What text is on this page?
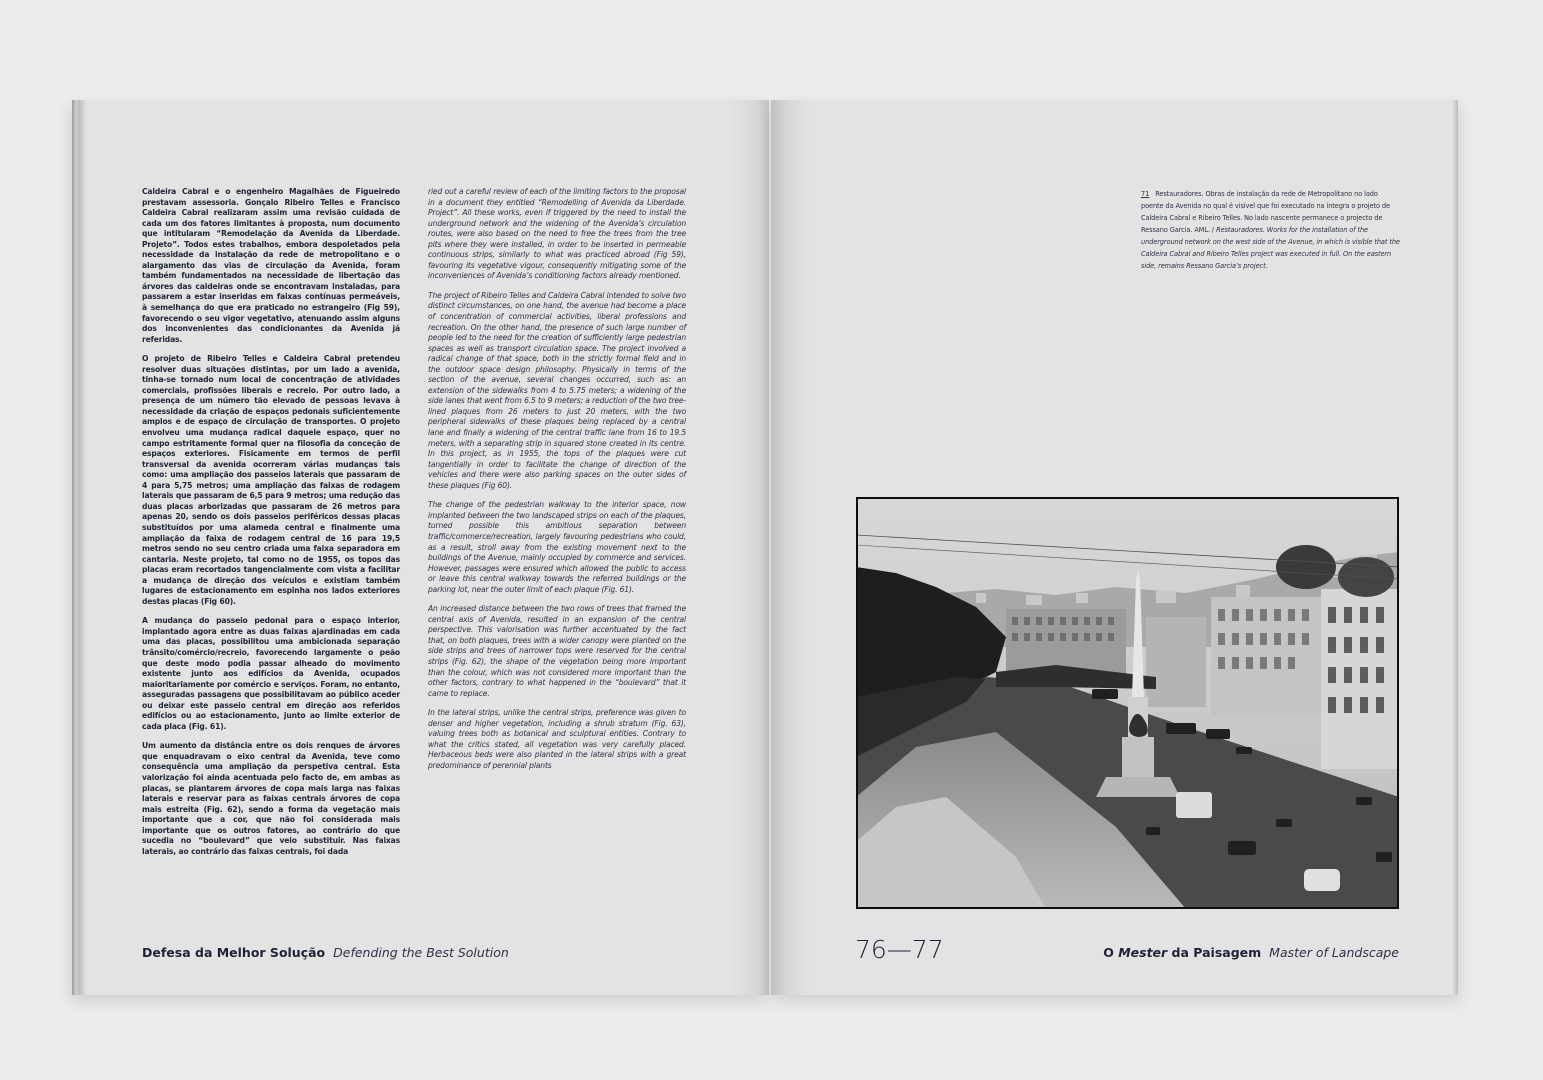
Caldeira Cabral e o engenheiro Magalhães de Figueiredo prestavam assessoria. Gonçalo Ribeiro Telles e Francisco Caldeira Cabral realizaram assim uma revisão cuidada de cada um dos fatores limitantes à proposta, num documento que intitularam “Remodelação da Avenida da Liberdade. Projeto”. Todos estes trabalhos, embora despoletados pela necessidade da instalação da rede de metropolitano e o alargamento das vias de circulação da Avenida, foram também fundamentados na necessidade de libertação das árvores das caldeiras onde se encontravam instaladas, para passarem a estar inseridas em faixas contínuas permeáveis, à semelhança do que era praticado no estrangeiro (Fig 59), favorecendo o seu vigor vegetativo, atenuando assim alguns dos inconvenientes das condicionantes da Avenida já referidas.

O projeto de Ribeiro Telles e Caldeira Cabral pretendeu resolver duas situações distintas, por um lado a avenida, tinha-se tornado num local de concentração de atividades comerciais, profissões liberais e recreio. Por outro lado, a presença de um número tão elevado de pessoas levava à necessidade da criação de espaços pedonais suficientemente amplos e de espaço de circulação de transportes. O projeto envolveu uma mudança radical daquele espaço, quer no campo estritamente formal quer na filosofia da conceção de espaços exteriores. Fisicamente em termos de perfil transversal da avenida ocorreram várias mudanças tais como: uma ampliação dos passeios laterais que passaram de 4 para 5,75 metros; uma ampliação das faixas de rodagem laterais que passaram de 6,5 para 9 metros; uma redução das duas placas arborizadas que passaram de 26 metros para apenas 20, sendo os dois passeios periféricos dessas placas substituídos por uma alameda central e finalmente uma ampliação da faixa de rodagem central de 16 para 19,5 metros sendo no seu centro criada uma faixa separadora em cantaria. Neste projeto, tal como no de 1955, os topos das placas eram recortados tangencialmente com vista a facilitar a mudança de direção dos veículos e existiam também lugares de estacionamento em espinha nos lados exteriores destas placas (Fig 60).

A mudança do passeio pedonal para o espaço interior, implantado agora entre as duas faixas ajardinadas em cada uma das placas, possibilitou uma ambicionada separação trânsito/comércio/recreio, favorecendo largamente o peão que deste modo podia passar alheado do movimento existente junto aos edifícios da Avenida, ocupados maioritariamente por comércio e serviços. Foram, no entanto, asseguradas passagens que possibilitavam ao público aceder ou deixar este passeio central em direção aos referidos edifícios ou ao estacionamento, junto ao limite exterior de cada placa (Fig. 61).

Um aumento da distância entre os dois renques de árvores que enquadravam o eixo central da Avenida, teve como consequência uma ampliação da perspetiva central. Esta valorização foi ainda acentuada pelo facto de, em ambas as placas, se plantarem árvores de copa mais larga nas faixas laterais e reservar para as faixas centrais árvores de copa mais estreita (Fig. 62), sendo a forma da vegetação mais importante que a cor, que não foi considerada mais importante que os outros fatores, ao contrário do que sucedia no “boulevard” que veio substituir. Nas faixas laterais, ao contrário das faixas centrais, foi dada

ried out a careful review of each of the limiting factors to the proposal in a document they entitled “Remodelling of Avenida da Liberdade. Project”. All these works, even if triggered by the need to install the underground network and the widening of the Avenida’s circulation routes, were also based on the need to free the trees from the tree pits where they were installed, in order to be inserted in permeable continuous strips, similarly to what was practiced abroad (Fig 59), favouring its vegetative vigour, consequently mitigating some of the inconveniences of Avenida’s conditioning factors already mentioned.

The project of Ribeiro Telles and Caldeira Cabral intended to solve two distinct circumstances, on one hand, the avenue had become a place of concentration of commercial activities, liberal professions and recreation. On the other hand, the presence of such large number of people led to the need for the creation of sufficiently large pedestrian spaces as well as transport circulation space. The project involved a radical change of that space, both in the strictly formal field and in the outdoor space design philosophy. Physically in terms of the section of the avenue, several changes occurred, such as: an extension of the sidewalks from 4 to 5.75 meters; a widening of the side lanes that went from 6.5 to 9 meters; a reduction of the two tree-lined plaques from 26 meters to just 20 meters, with the two peripheral sidewalks of these plaques being replaced by a central lane and finally a widening of the central traffic lane from 16 to 19.5 meters, with a separating strip in squared stone created in its centre. In this project, as in 1955, the tops of the plaques were cut tangentially in order to facilitate the change of direction of the vehicles and there were also parking spaces on the outer sides of these plaques (Fig 60).

The change of the pedestrian walkway to the interior space, now implanted between the two landscaped strips on each of the plaques, turned possible this ambitious separation between traffic/commerce/recreation, largely favouring pedestrians who could, as a result, stroll away from the existing movement next to the buildings of the Avenue, mainly occupied by commerce and services. However, passages were ensured which allowed the public to access or leave this central walkway towards the referred buildings or the parking lot, near the outer limit of each plaque (Fig. 61).

An increased distance between the two rows of trees that framed the central axis of Avenida, resulted in an expansion of the central perspective. This valorisation was further accentuated by the fact that, on both plaques, trees with a wider canopy were planted on the side strips and trees of narrower tops were reserved for the central strips (Fig. 62), the shape of the vegetation being more important than the colour, which was not considered more important than the other factors, contrary to what happened in the “boulevard” that it came to replace.

In the lateral strips, unlike the central strips, preference was given to denser and higher vegetation, including a shrub stratum (Fig. 63), valuing trees both as botanical and sculptural entities. Contrary to what the critics stated, all vegetation was very carefully placed. Herbaceous beds were also planted in the lateral strips with a great predominance of perennial plants

Defesa da Melhor Solução Defending the Best Solution
71 Restauradores. Obras de instalação da rede de Metropolitano no lado poente da Avenida no qual é visível que foi executado na íntegra o projeto de Caldeira Cabral e Ribeiro Telles. No lado nascente permanece o projecto de Ressano Garcia. AML. / Restauradores. Works for the installation of the underground network on the west side of the Avenue, in which is visible that the Caldeira Cabral and Ribeiro Telles project was executed in full. On the eastern side, remains Ressano Garcia’s project.
76—77	O Mester da Paisagem Master of Landscape
